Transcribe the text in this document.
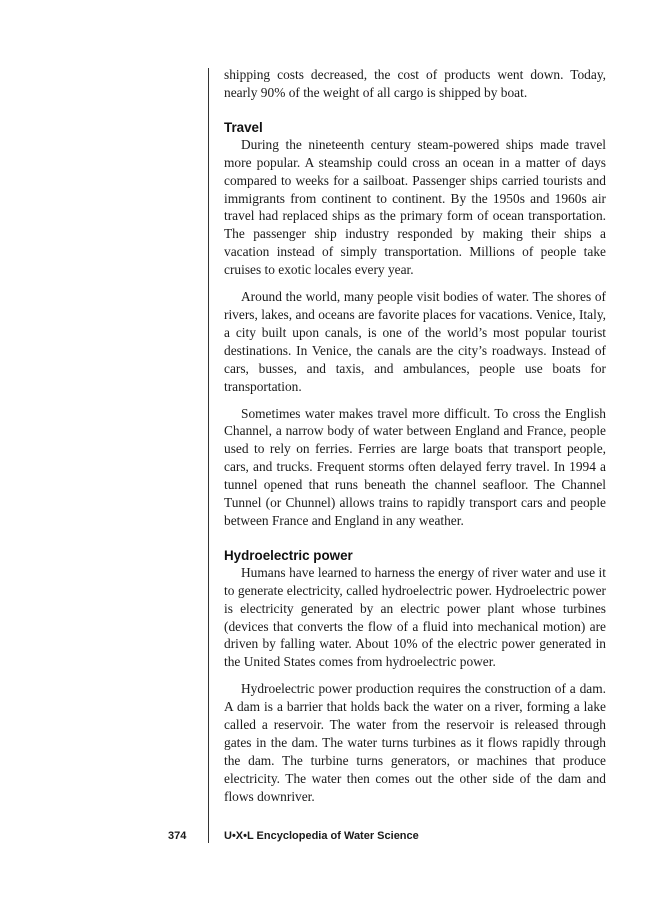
shipping costs decreased, the cost of products went down. Today, nearly 90% of the weight of all cargo is shipped by boat.

Travel

During the nineteenth century steam-powered ships made travel more popular. A steamship could cross an ocean in a matter of days compared to weeks for a sailboat. Passenger ships carried tourists and immigrants from continent to continent. By the 1950s and 1960s air travel had replaced ships as the primary form of ocean transportation. The passenger ship industry responded by making their ships a vacation instead of simply transportation. Millions of people take cruises to exotic locales every year.

Around the world, many people visit bodies of water. The shores of rivers, lakes, and oceans are favorite places for vacations. Venice, Italy, a city built upon canals, is one of the world’s most popular tourist destinations. In Venice, the canals are the city’s roadways. Instead of cars, busses, and taxis, and ambulances, people use boats for transportation.

Sometimes water makes travel more difficult. To cross the English Channel, a narrow body of water between England and France, people used to rely on ferries. Ferries are large boats that transport people, cars, and trucks. Frequent storms often delayed ferry travel. In 1994 a tunnel opened that runs beneath the channel seafloor. The Channel Tunnel (or Chunnel) allows trains to rapidly transport cars and people between France and England in any weather.

Hydroelectric power

Humans have learned to harness the energy of river water and use it to generate electricity, called hydroelectric power. Hydroelectric power is electricity generated by an electric power plant whose turbines (devices that converts the flow of a fluid into mechanical motion) are driven by falling water. About 10% of the electric power generated in the United States comes from hydroelectric power.

Hydroelectric power production requires the construction of a dam. A dam is a barrier that holds back the water on a river, forming a lake called a reservoir. The water from the reservoir is released through gates in the dam. The water turns turbines as it flows rapidly through the dam. The turbine turns generators, or machines that produce electricity. The water then comes out the other side of the dam and flows downriver.

374	U•X•L Encyclopedia of Water Science
